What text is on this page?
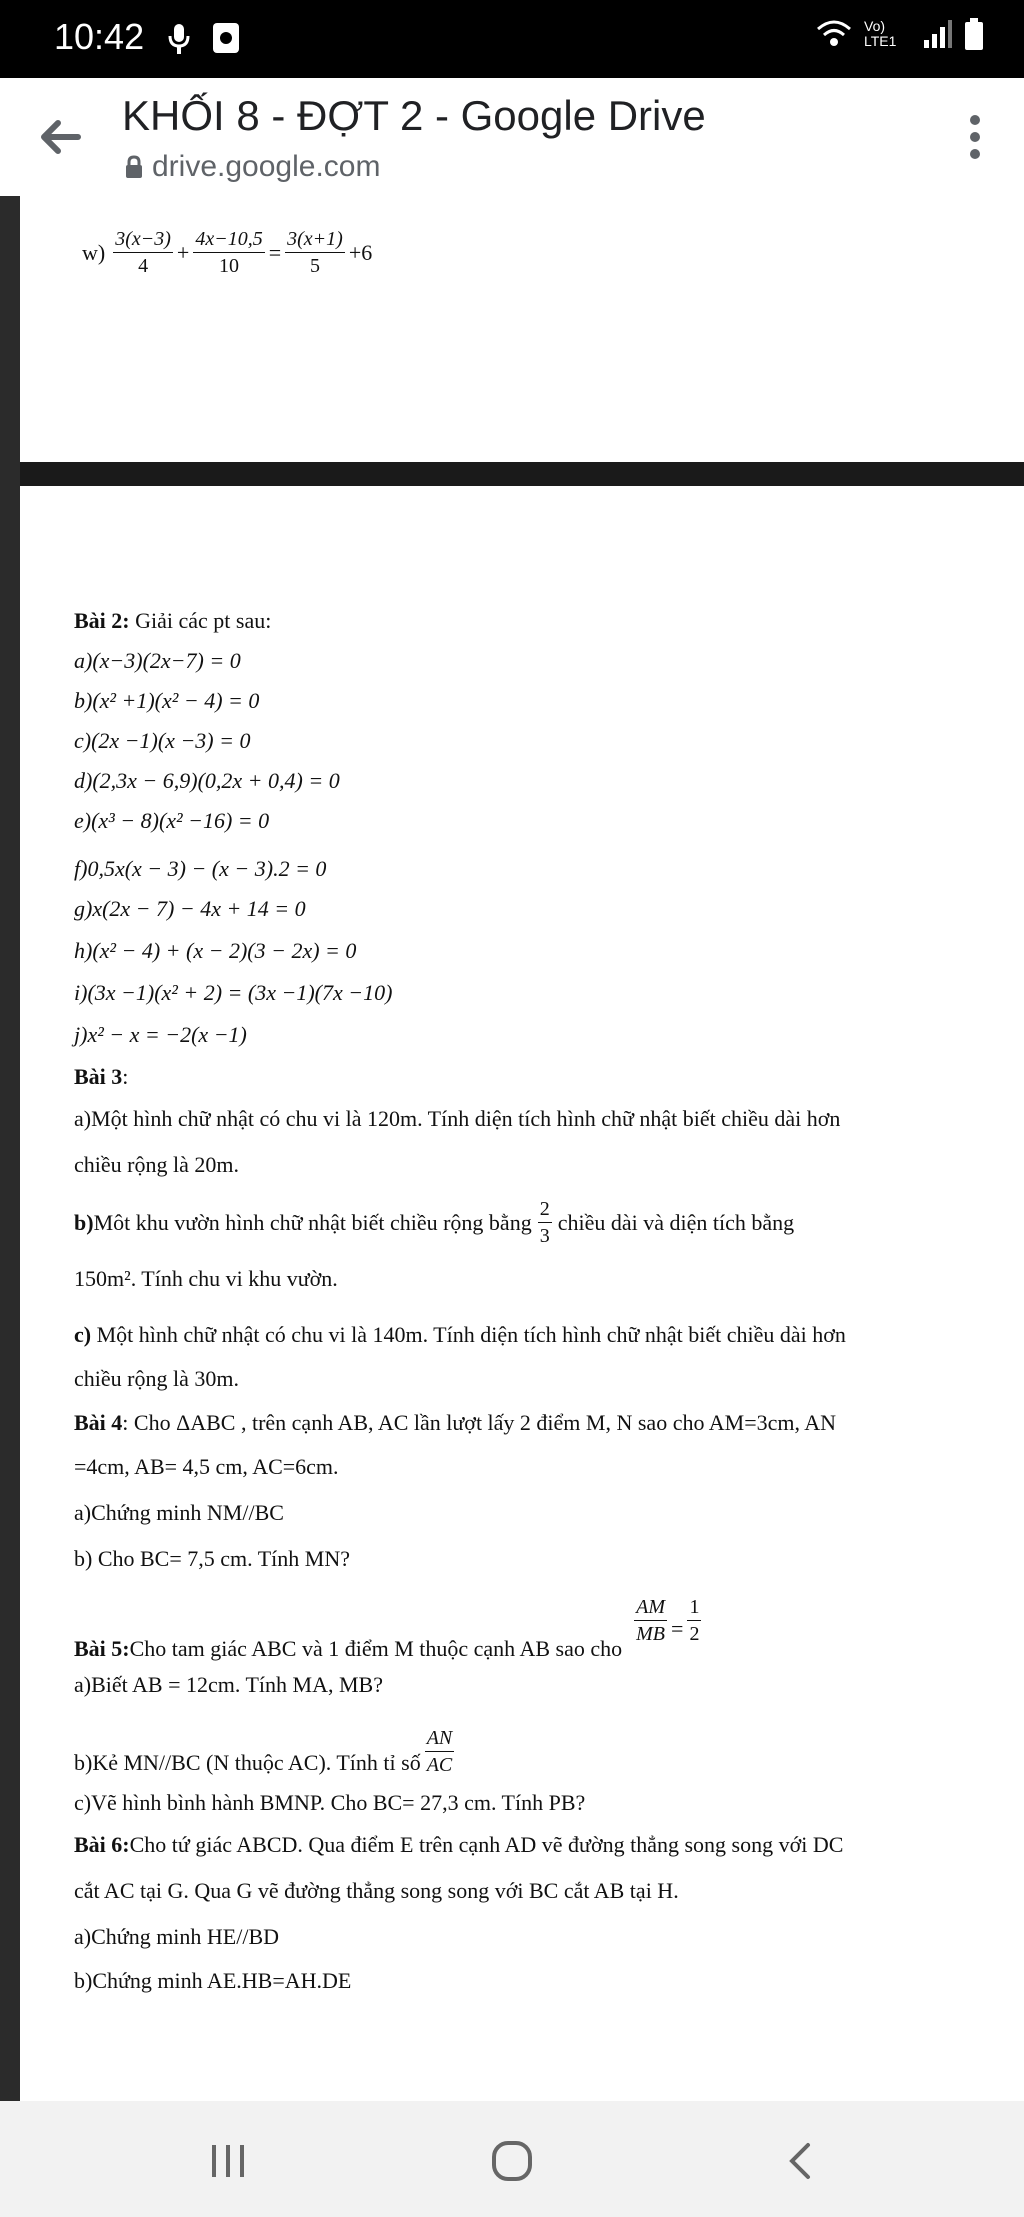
10:42	Vo) LTE1
KHỐI 8 - ĐỢT 2 - Google Drive
drive.google.com
$w) \frac{3(x-3)}{4} + \frac{4x-10,5}{10} = \frac{3(x+1)}{5} +6$
Bài 2: Giải các pt sau:
a)(x−3)(2x−7) = 0
b)(x² +1)(x² − 4) = 0
c)(2x −1)(x −3) = 0
d)(2,3x − 6,9)(0,2x + 0,4) = 0
e)(x³ − 8)(x² −16) = 0
f)0,5x(x − 3) − (x − 3).2 = 0
g)x(2x − 7) − 4x + 14 = 0
h)(x² − 4) + (x − 2)(3 − 2x) = 0
i)(3x −1)(x² + 2) = (3x −1)(7x −10)
j)x² − x = −2(x −1)
Bài 3:
a)Một hình chữ nhật có chu vi là 120m. Tính diện tích hình chữ nhật biết chiều dài hơn
chiều rộng là 20m.
b) Môt khu vườn hình chữ nhật biết chiều rộng bằng $\frac{2}{3}$ chiều dài và diện tích bằng
150m². Tính chu vi khu vườn.
c) Một hình chữ nhật có chu vi là 140m. Tính diện tích hình chữ nhật biết chiều dài hơn
chiều rộng là 30m.
Bài 4: Cho ΔABC , trên cạnh AB, AC lần lượt lấy 2 điểm M, N sao cho AM=3cm, AN
=4cm, AB= 4,5 cm, AC=6cm.
a)Chứng minh NM//BC
b) Cho BC= 7,5 cm. Tính MN?
Bài 5: Cho tam giác ABC và 1 điểm M thuộc cạnh AB sao cho
$\frac{AM}{MB} = \frac{1}{2}$
a)Biết AB = 12cm. Tính MA, MB?
b)Kẻ MN//BC (N thuộc AC). Tính tỉ số $\frac{AN}{AC}$
c)Vẽ hình bình hành BMNP. Cho BC= 27,3 cm. Tính PB?
Bài 6:Cho tứ giác ABCD. Qua điểm E trên cạnh AD vẽ đường thẳng song song với DC
cắt AC tại G. Qua G vẽ đường thẳng song song với BC cắt AB tại H.
a)Chứng minh HE//BD
b)Chứng minh AE.HB=AH.DE
